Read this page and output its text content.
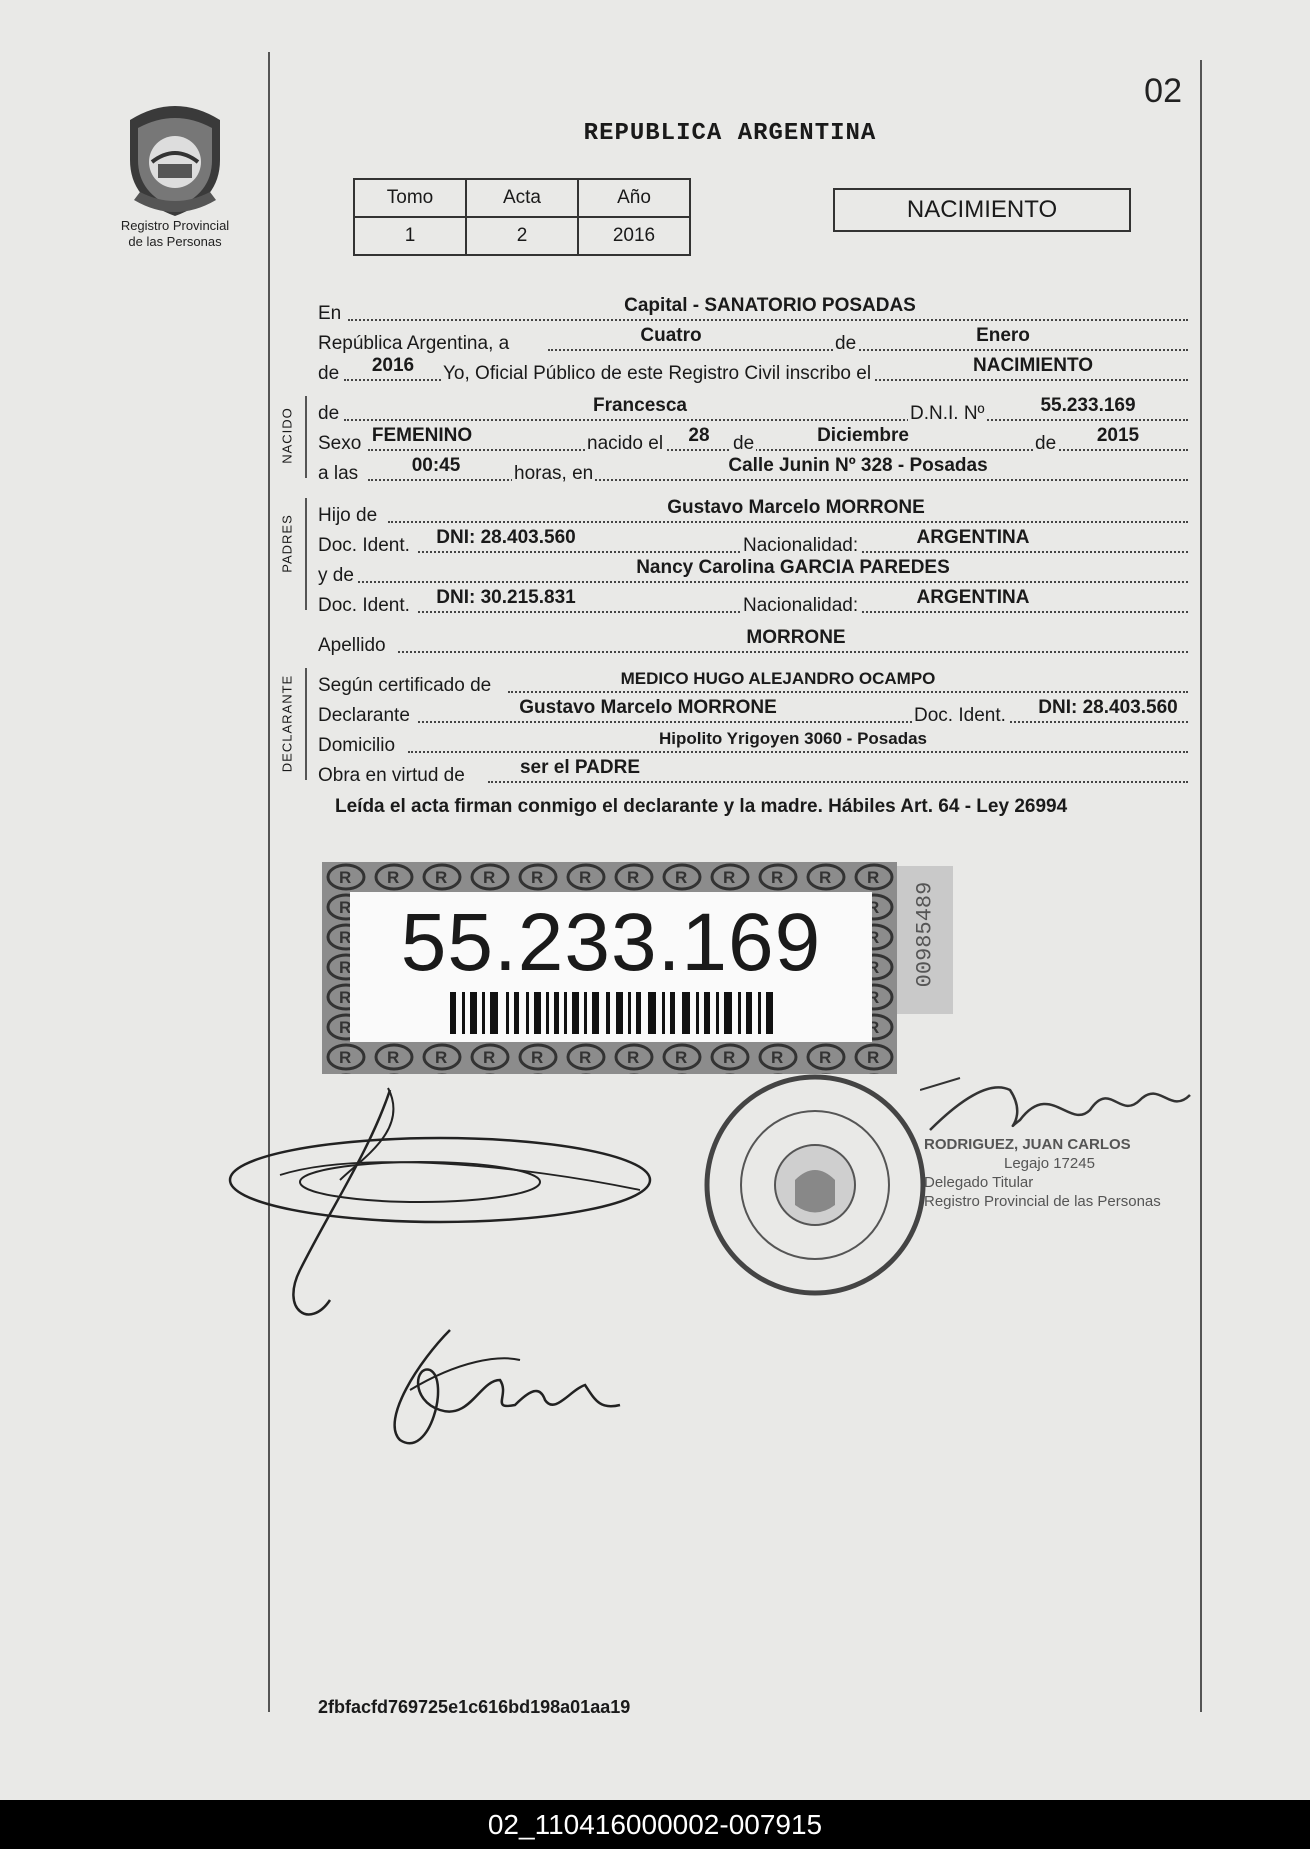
Registro Provincial
de las Personas
02
REPUBLICA ARGENTINA
Tomo	Acta	Año
1	2	2016
NACIMIENTO
NACIDO
PADRES
DECLARANTE
En	Capital - SANATORIO POSADAS
República Argentina, a	Cuatro	de	Enero
de 2016 Yo, Oficial Público de este Registro Civil inscribo el	NACIMIENTO
de	Francesca	D.N.I. Nº	55.233.169
Sexo FEMENINO	nacido el 28 de	Diciembre	de 2015
a las	00:45	horas, en	Calle Junin Nº 328 - Posadas
Hijo de	Gustavo Marcelo MORRONE
Doc. Ident. DNI: 28.403.560	Nacionalidad:	ARGENTINA
y de	Nancy Carolina GARCIA PAREDES
Doc. Ident. DNI: 30.215.831	Nacionalidad:	ARGENTINA
Apellido	MORRONE
Según certificado de	MEDICO HUGO ALEJANDRO OCAMPO
Declarante	Gustavo Marcelo MORRONE	Doc. Ident. DNI: 28.403.560
Domicilio	Hipolito Yrigoyen 3060 - Posadas
Obra en virtud de	ser el PADRE
Leída el acta firman conmigo el declarante y la madre. Hábiles Art. 64 - Ley 26994
55.233.169	00985489
RODRIGUEZ, JUAN CARLOS
Legajo 17245
Delegado Titular
Registro Provincial de las Personas
2fbfacfd769725e1c616bd198a01aa19
02_110416000002-007915
